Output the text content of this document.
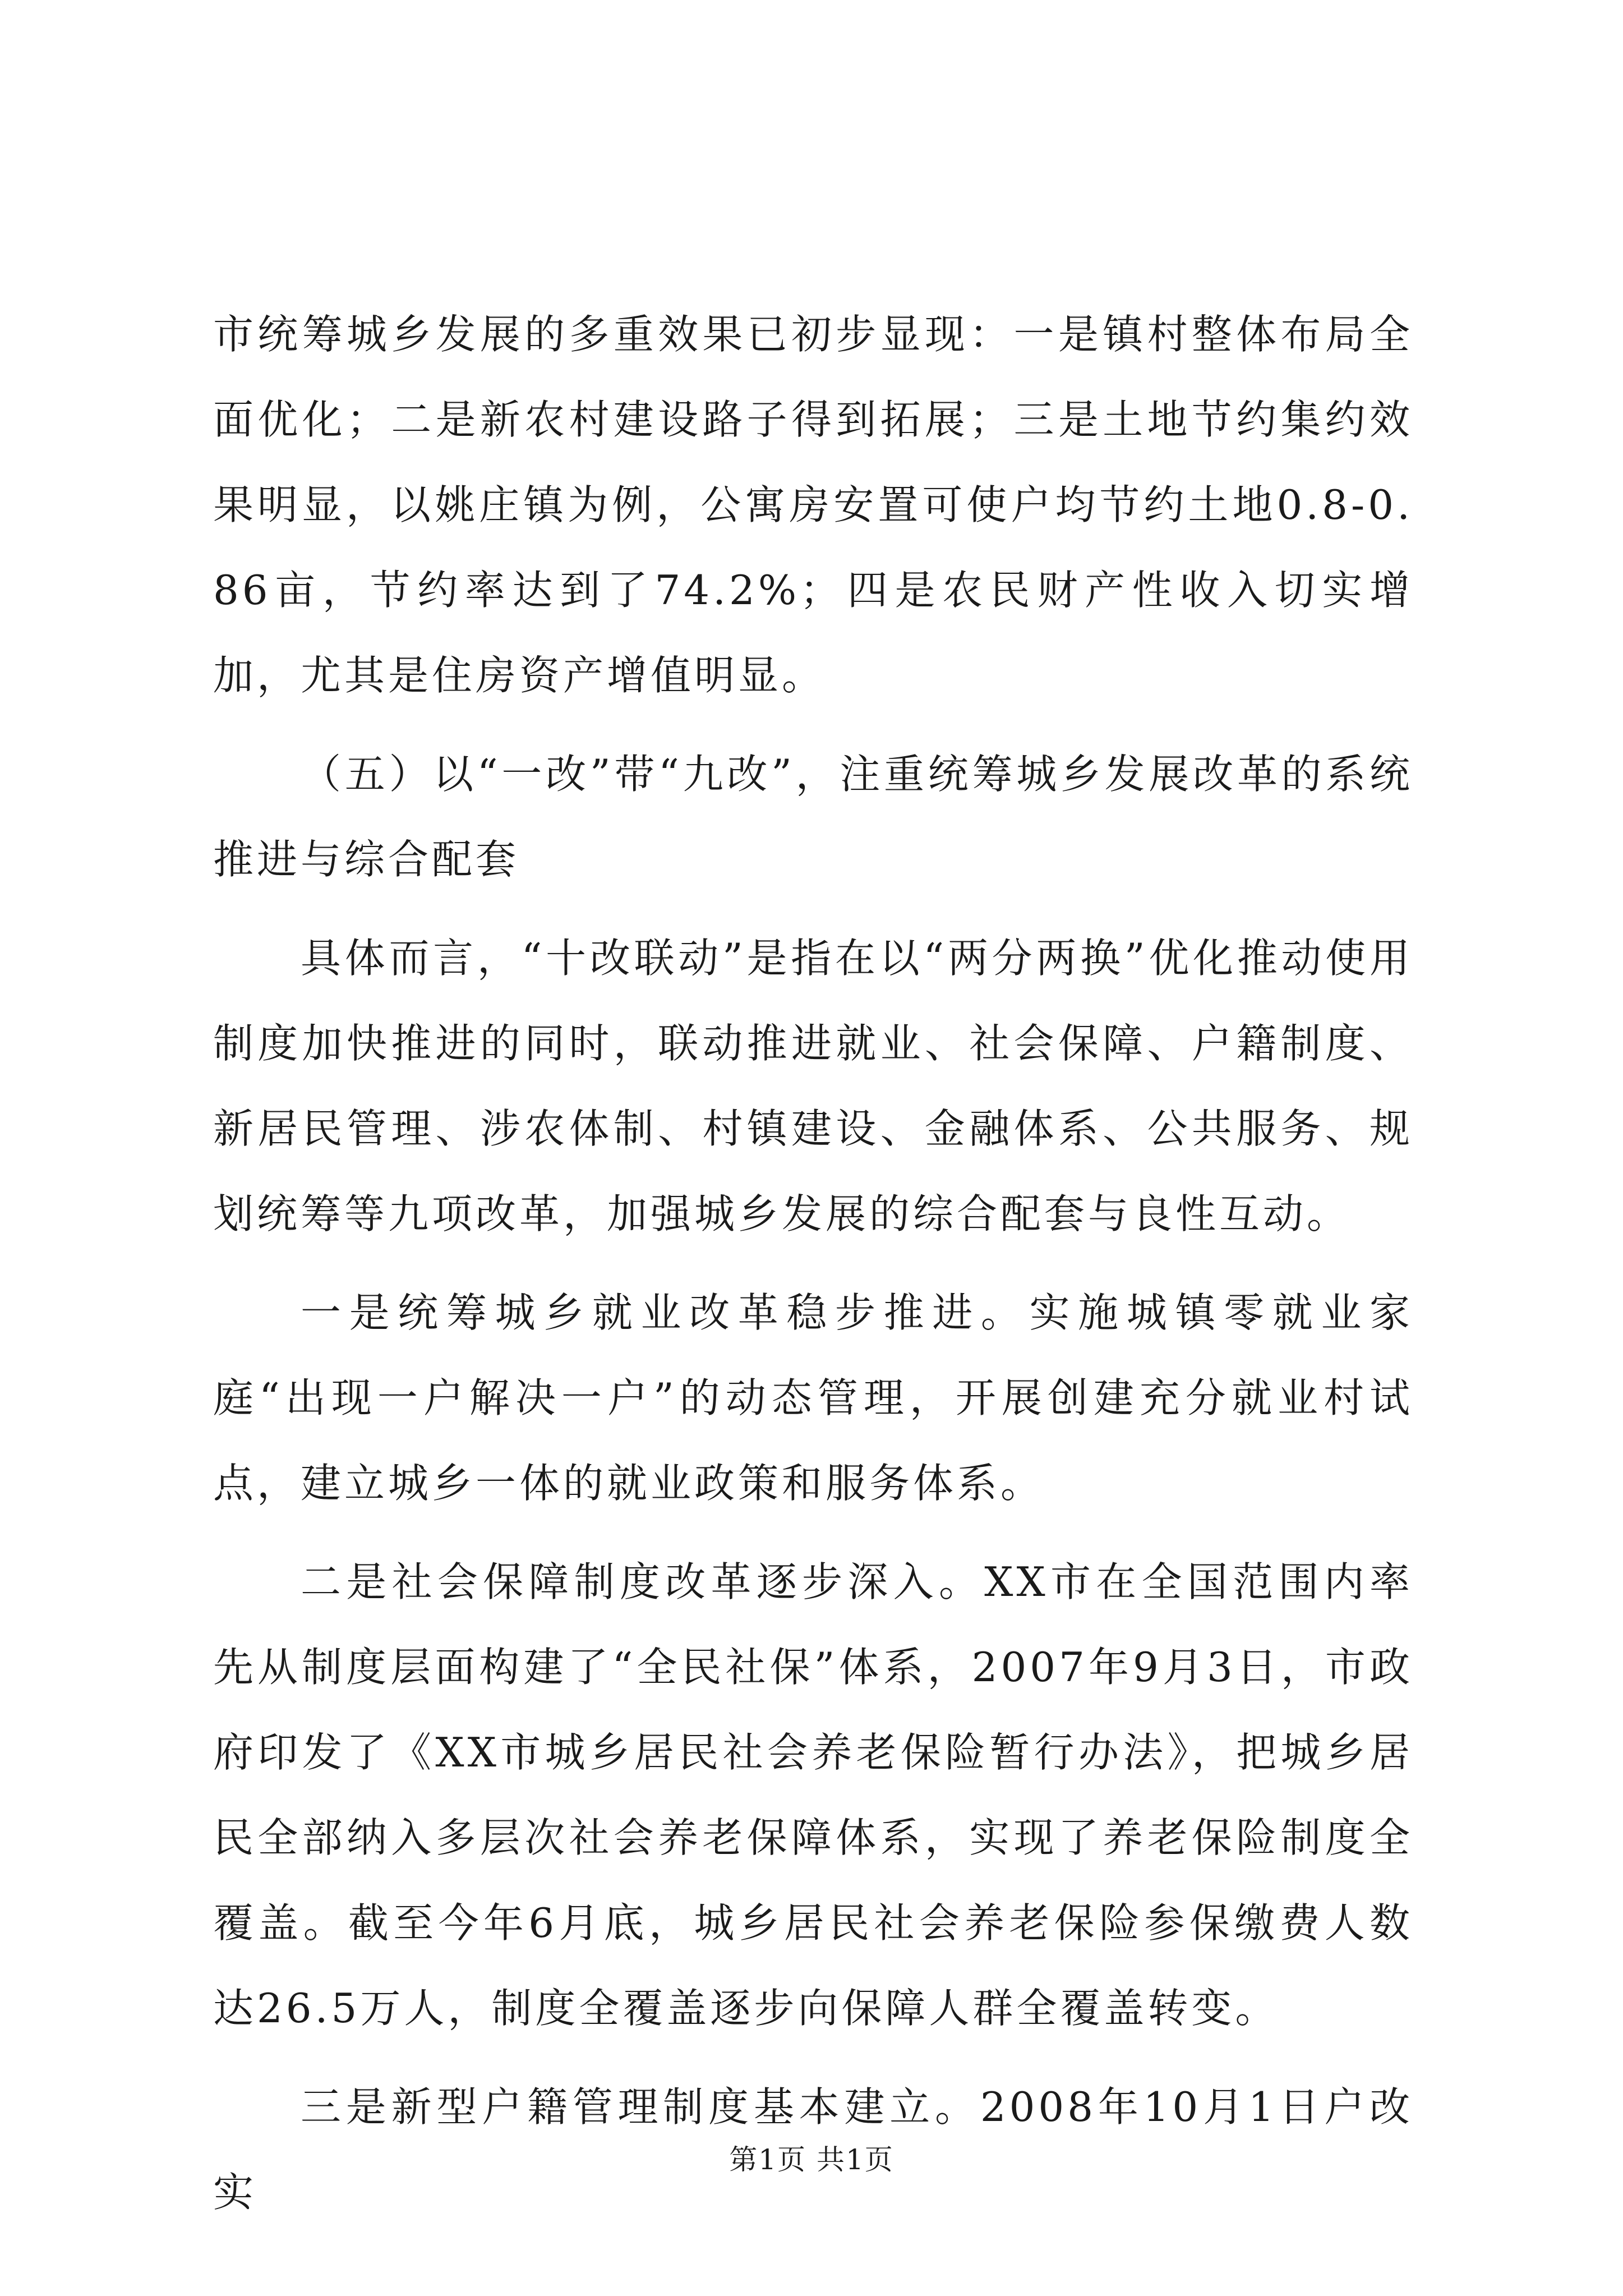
市统筹城乡发展的多重效果已初步显现：一是镇村整体布局全面优化；二是新农村建设路子得到拓展；三是土地节约集约效果明显，以姚庄镇为例，公寓房安置可使户均节约土地0.8-0.86亩，节约率达到了74.2%；四是农民财产性收入切实增加，尤其是住房资产增值明显。

（五）以“一改”带“九改”，注重统筹城乡发展改革的系统推进与综合配套

具体而言，“十改联动”是指在以“两分两换”优化推动使用制度加快推进的同时，联动推进就业、社会保障、户籍制度、新居民管理、涉农体制、村镇建设、金融体系、公共服务、规划统筹等九项改革，加强城乡发展的综合配套与良性互动。

一是统筹城乡就业改革稳步推进。实施城镇零就业家庭“出现一户解决一户”的动态管理，开展创建充分就业村试点，建立城乡一体的就业政策和服务体系。

二是社会保障制度改革逐步深入。XX市在全国范围内率先从制度层面构建了“全民社保”体系，2007年9月3日，市政府印发了《XX市城乡居民社会养老保险暂行办法》，把城乡居民全部纳入多层次社会养老保障体系，实现了养老保险制度全覆盖。截至今年6月底，城乡居民社会养老保险参保缴费人数达26.5万人，制度全覆盖逐步向保障人群全覆盖转变。

三是新型户籍管理制度基本建立。2008年10月1日户改实

第1页 共1页
